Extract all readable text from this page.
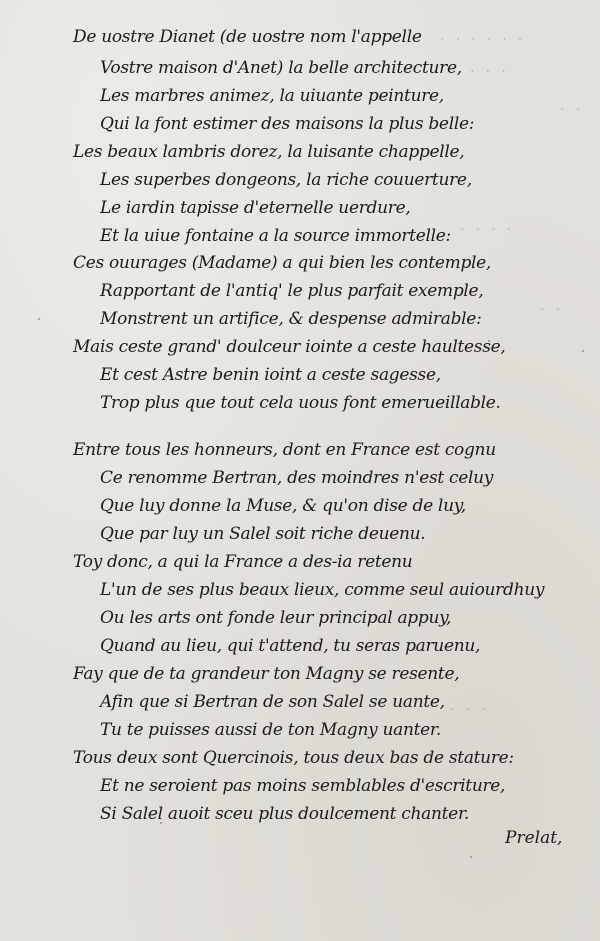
· · · · · ·
· · ·
· ·
· · · ·
· ·
· · ·
De uostre Dianet (de uostre nom l'appelle
Vostre maison d'Anet) la belle architecture,
Les marbres animez, la uiuante peinture,
Qui la font estimer des maisons la plus belle:
Les beaux lambris dorez, la luisante chappelle,
Les superbes dongeons, la riche couuerture,
Le iardin tapisse d'eternelle uerdure,
Et la uiue fontaine a la source immortelle:
Ces ouurages (Madame) a qui bien les contemple,
Rapportant de l'antiq' le plus parfait exemple,
Monstrent un artifice, & despense admirable:
Mais ceste grand' doulceur iointe a ceste haultesse,
Et cest Astre benin ioint a ceste sagesse,
Trop plus que tout cela uous font emerueillable.
Entre tous les honneurs, dont en France est cognu
Ce renomme Bertran, des moindres n'est celuy
Que luy donne la Muse, & qu'on dise de luy,
Que par luy un Salel soit riche deuenu.
Toy donc, a qui la France a des-ia retenu
L'un de ses plus beaux lieux, comme seul auiourdhuy
Ou les arts ont fonde leur principal appuy,
Quand au lieu, qui t'attend, tu seras paruenu,
Fay que de ta grandeur ton Magny se resente,
Afin que si Bertran de son Salel se uante,
Tu te puisses aussi de ton Magny uanter.
Tous deux sont Quercinois, tous deux bas de stature:
Et ne seroient pas moins semblables d'escriture,
Si Salel auoit sceu plus doulcement chanter.
Prelat,
